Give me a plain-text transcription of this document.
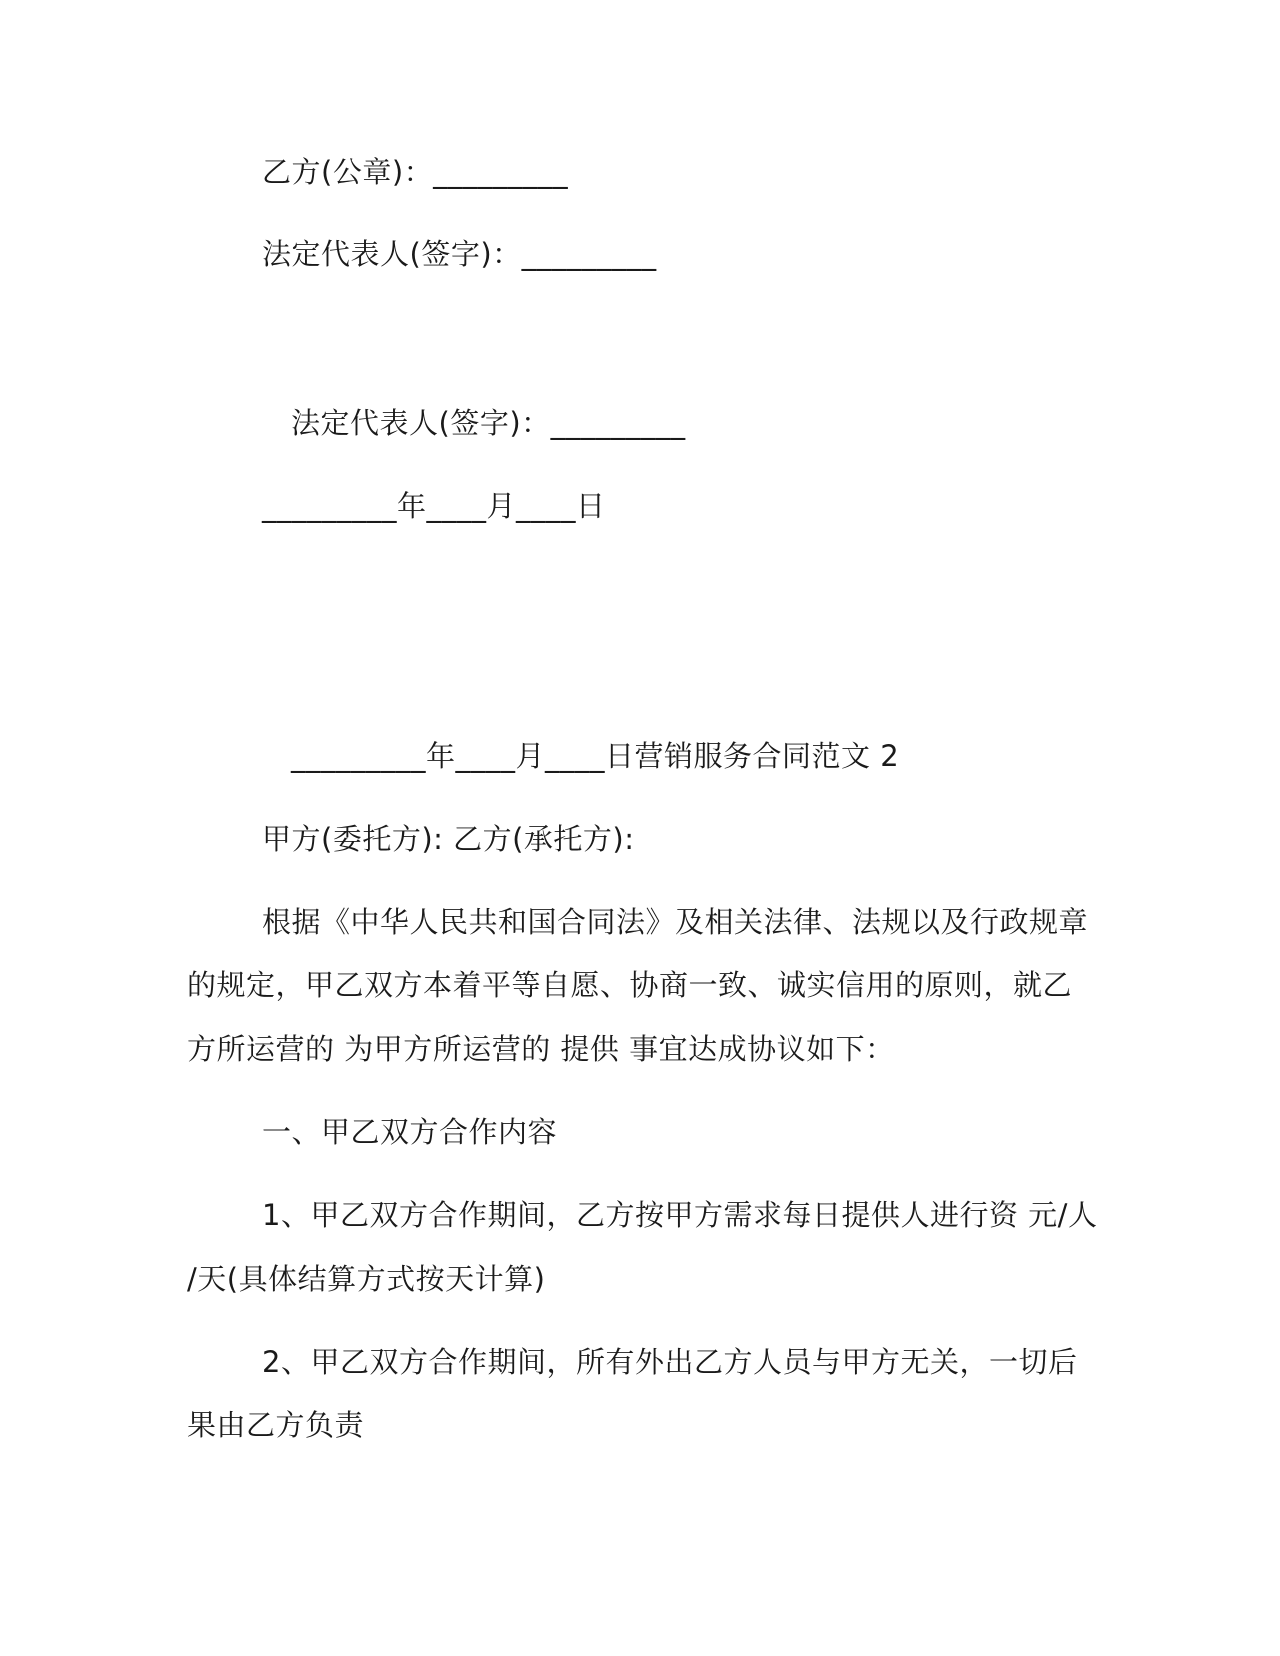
乙方(公章)：_________
法定代表人(签字)：_________
法定代表人(签字)：_________
_________年____月____日
_________年____月____日营销服务合同范文 2
甲方(委托方): 乙方(承托方):
根据《中华人民共和国合同法》及相关法律、法规以及行政规章
的规定，甲乙双方本着平等自愿、协商一致、诚实信用的原则，就乙
方所运营的 为甲方所运营的 提供 事宜达成协议如下：
一、甲乙双方合作内容
1、甲乙双方合作期间，乙方按甲方需求每日提供人进行资 元/人
/天(具体结算方式按天计算)
2、甲乙双方合作期间，所有外出乙方人员与甲方无关，一切后
果由乙方负责
